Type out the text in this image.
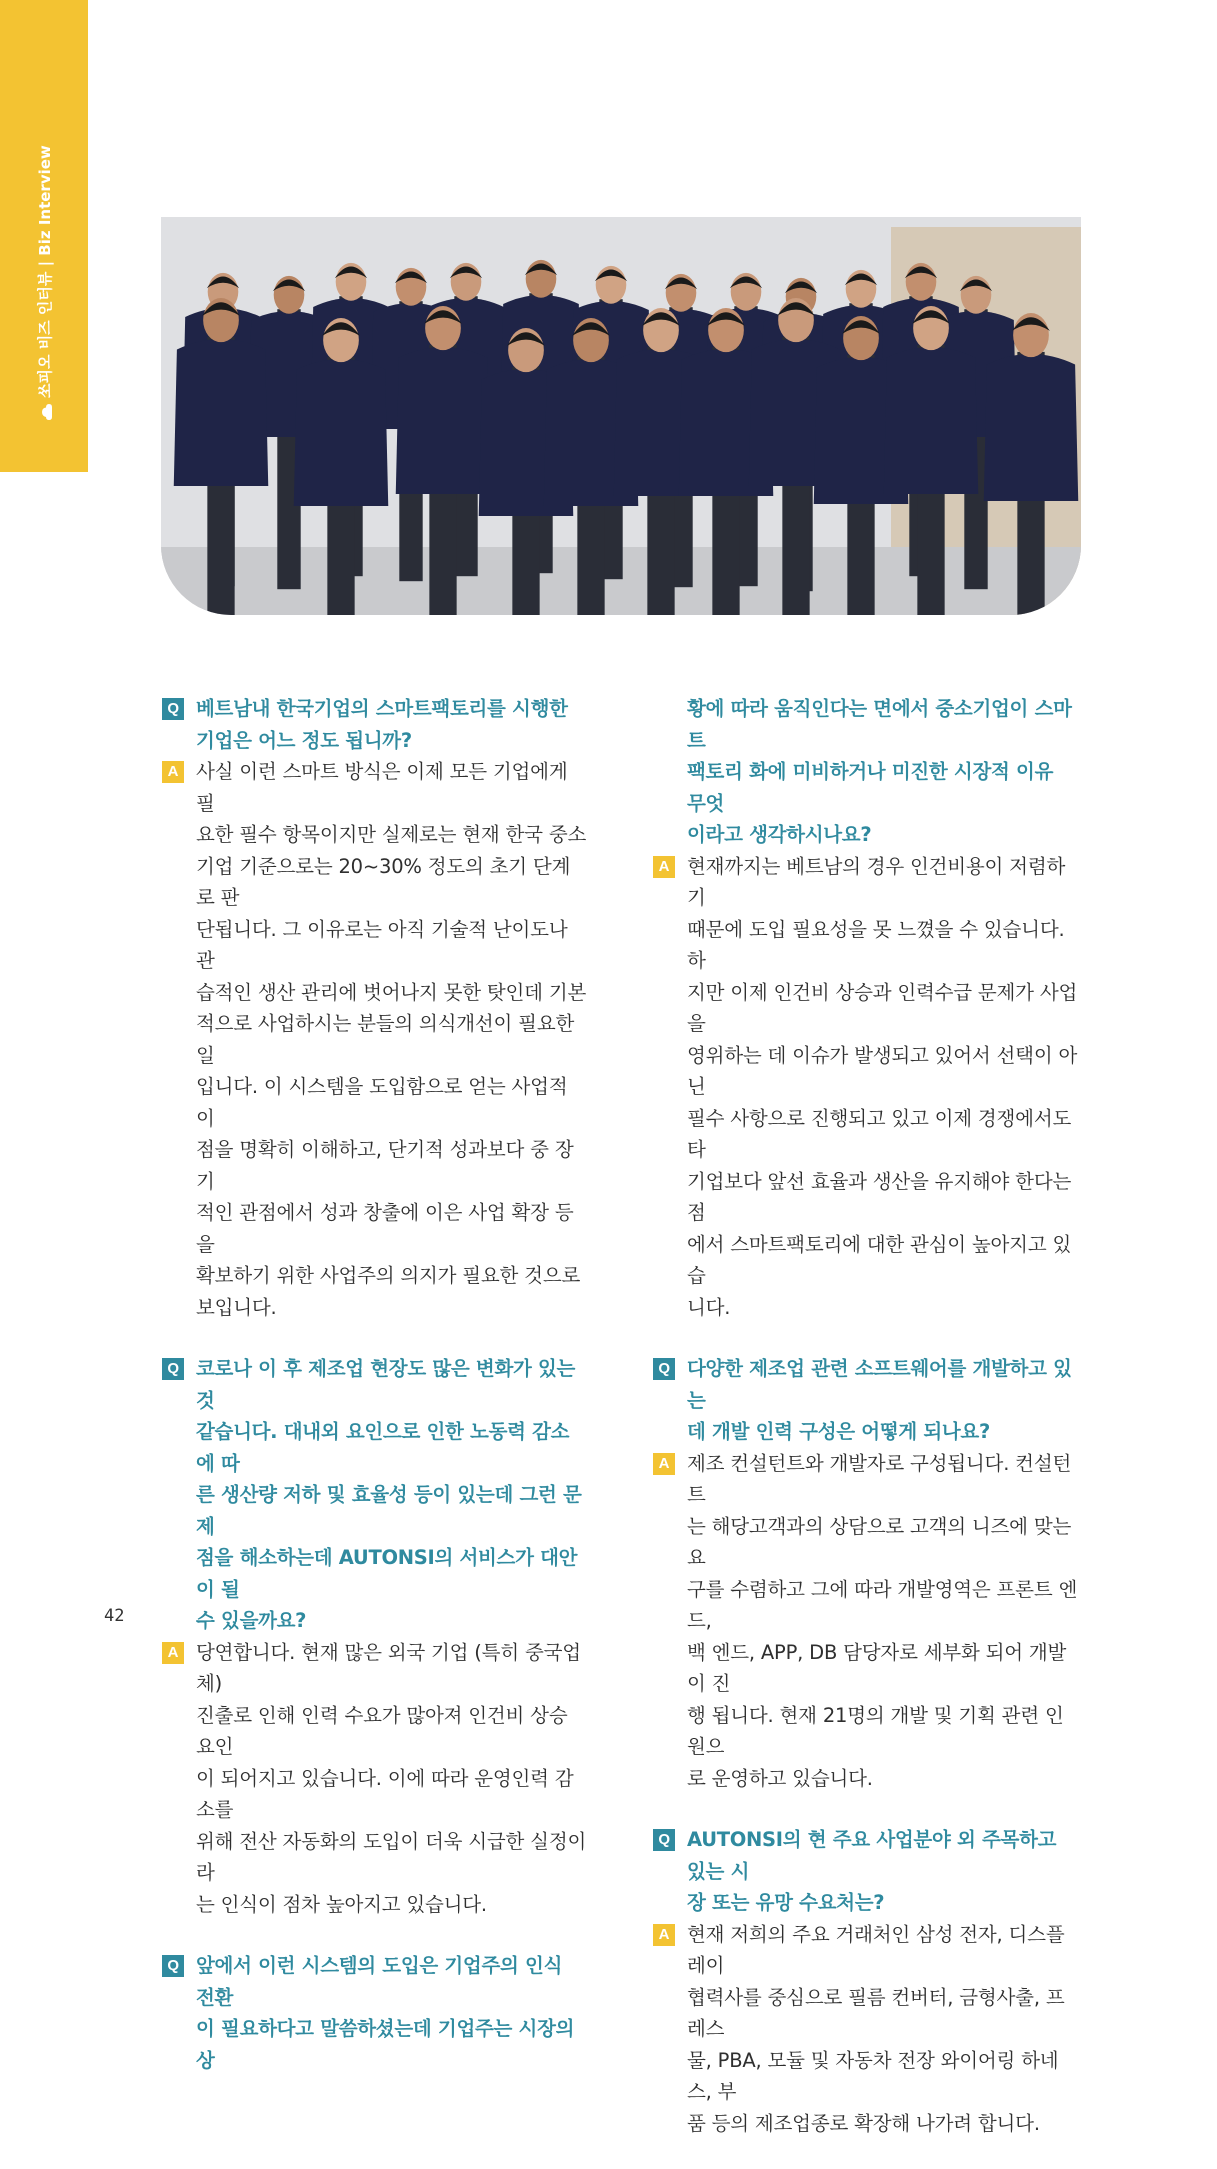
쏘피오 비즈 인터뷰 | Biz Interview
Q 베트남내 한국기업의 스마트팩토리를 시행한
기업은 어느 정도 됩니까?
A 사실 이런 스마트 방식은 이제 모든 기업에게 필
요한 필수 항목이지만 실제로는 현재 한국 중소
기업 기준으로는 20~30% 정도의 초기 단계로 판
단됩니다. 그 이유로는 아직 기술적 난이도나 관
습적인 생산 관리에 벗어나지 못한 탓인데 기본
적으로 사업하시는 분들의 의식개선이 필요한 일
입니다. 이 시스템을 도입함으로 얻는 사업적 이
점을 명확히 이해하고, 단기적 성과보다 중 장기
적인 관점에서 성과 창출에 이은 사업 확장 등을
확보하기 위한 사업주의 의지가 필요한 것으로
보입니다.
Q 코로나 이 후 제조업 현장도 많은 변화가 있는 것
같습니다. 대내외 요인으로 인한 노동력 감소에 따
른 생산량 저하 및 효율성 등이 있는데 그런 문제
점을 해소하는데 AUTONSI의 서비스가 대안이 될
수 있을까요?
A 당연합니다. 현재 많은 외국 기업 (특히 중국업체)
진출로 인해 인력 수요가 많아져 인건비 상승 요인
이 되어지고 있습니다. 이에 따라 운영인력 감소를
위해 전산 자동화의 도입이 더욱 시급한 실정이라
는 인식이 점차 높아지고 있습니다.
Q 앞에서 이런 시스템의 도입은 기업주의 인식 전환
이 필요하다고 말씀하셨는데 기업주는 시장의 상
황에 따라 움직인다는 면에서 중소기업이 스마트
팩토리 화에 미비하거나 미진한 시장적 이유 무엇
이라고 생각하시나요?
A 현재까지는 베트남의 경우 인건비용이 저렴하기
때문에 도입 필요성을 못 느꼈을 수 있습니다. 하
지만 이제 인건비 상승과 인력수급 문제가 사업을
영위하는 데 이슈가 발생되고 있어서 선택이 아닌
필수 사항으로 진행되고 있고 이제 경쟁에서도 타
기업보다 앞선 효율과 생산을 유지해야 한다는 점
에서 스마트팩토리에 대한 관심이 높아지고 있습
니다.
Q 다양한 제조업 관련 소프트웨어를 개발하고 있는
데 개발 인력 구성은 어떻게 되나요?
A 제조 컨설턴트와 개발자로 구성됩니다. 컨설턴트
는 해당고객과의 상담으로 고객의 니즈에 맞는 요
구를 수렴하고 그에 따라 개발영역은 프론트 엔드,
백 엔드, APP, DB 담당자로 세부화 되어 개발이 진
행 됩니다. 현재 21명의 개발 및 기획 관련 인원으
로 운영하고 있습니다.
Q AUTONSI의 현 주요 사업분야 외 주목하고 있는 시
장 또는 유망 수요처는?
A 현재 저희의 주요 거래처인 삼성 전자, 디스플레이
협력사를 중심으로 필름 컨버터, 금형사출, 프레스
물, PBA, 모듈 및 자동차 전장 와이어링 하네스, 부
품 등의 제조업종로 확장해 나가려 합니다.
42
